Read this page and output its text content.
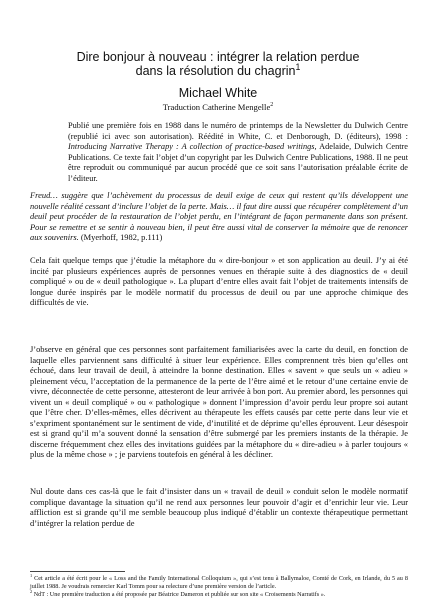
Dire bonjour à nouveau : intégrer la relation perdue
dans la résolution du chagrin$^1$
Michael White
Traduction Catherine Mengelle$^2$
Publié une première fois en 1988 dans le numéro de printemps de la Newsletter du Dulwich Centre (republié ici avec son autorisation). Réédité in White, C. et Denborough, D. (éditeurs), 1998 : Introducing Narrative Therapy : A collection of practice-based writings, Adelaide, Dulwich Centre Publications. Ce texte fait l’objet d’un copyright par les Dulwich Centre Publications, 1988. Il ne peut être reproduit ou communiqué par aucun procédé que ce soit sans l’autorisation préalable écrite de l’éditeur.
Freud… suggère que l’achèvement du processus de deuil exige de ceux qui restent qu’ils développent une nouvelle réalité cessant d’inclure l’objet de la perte. Mais… il faut dire aussi que récupérer complètement d’un deuil peut procéder de la restauration de l’objet perdu, en l’intégrant de façon permanente dans son présent. Pour se remettre et se sentir à nouveau bien, il peut être aussi vital de conserver la mémoire que de renoncer aux souvenirs. (Myerhoff, 1982, p.111)
Cela fait quelque temps que j’étudie la métaphore du « dire-bonjour » et son application au deuil. J’y ai été incité par plusieurs expériences auprès de personnes venues en thérapie suite à des diagnostics de « deuil compliqué » ou de « deuil pathologique ». La plupart d’entre elles avait fait l’objet de traitements intensifs de longue durée inspirés par le modèle normatif du processus de deuil ou par une approche chimique des difficultés de vie.
J’observe en général que ces personnes sont parfaitement familiarisées avec la carte du deuil, en fonction de laquelle elles parviennent sans difficulté à situer leur expérience. Elles comprennent très bien qu’elles ont échoué, dans leur travail de deuil, à atteindre la bonne destination. Elles « savent » que seuls un « adieu » pleinement vécu, l’acceptation de la permanence de la perte de l’être aimé et le retour d’une certaine envie de vivre, déconnectée de cette personne, attesteront de leur arrivée à bon port. Au premier abord, les personnes qui vivent un « deuil compliqué » ou « pathologique » donnent l’impression d’avoir perdu leur propre soi autant que l’être cher. D’elles-mêmes, elles décrivent au thérapeute les effets causés par cette perte dans leur vie et s’expriment spontanément sur le sentiment de vide, d’inutilité et de déprime qu’elles éprouvent. Leur désespoir est si grand qu’il m’a souvent donné la sensation d’être submergé par les premiers instants de la thérapie. Je discerne fréquemment chez elles des invitations guidées par la métaphore du « dire-adieu » à parler toujours « plus de la même chose » ; je parviens toutefois en général à les décliner.
Nul doute dans ces cas-là que le fait d’insister dans un « travail de deuil » conduit selon le modèle normatif complique davantage la situation qu’il ne rend aux personnes leur pouvoir d’agir et d’enrichir leur vie. Leur affliction est si grande qu’il me semble beaucoup plus indiqué d’établir un contexte thérapeutique permettant d’intégrer la relation perdue de
$^1$ Cet article a été écrit pour le « Loss and the Family International Colloquium », qui s’est tenu à Ballymaloe, Comté de Cork, en Irlande, du 5 au 8 juillet 1988. Je voudrais remercier Karl Tomm pour sa relecture d’une première version de l’article.
$^2$ NdT : Une première traduction a été proposée par Béatrice Dameron et publiée sur son site « Croisements Narratifs ».
